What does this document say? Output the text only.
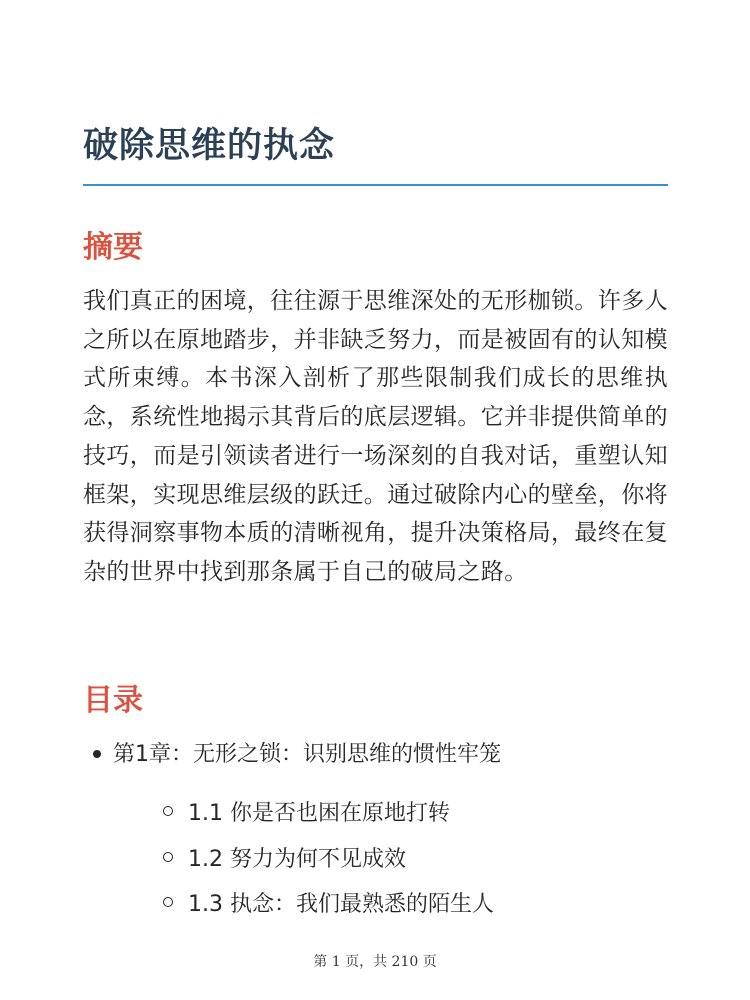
破除思维的执念
摘要

我们真正的困境，往往源于思维深处的无形枷锁。许多人之所以在原地踏步，并非缺乏努力，而是被固有的认知模式所束缚。本书深入剖析了那些限制我们成长的思维执念，系统性地揭示其背后的底层逻辑。它并非提供简单的技巧，而是引领读者进行一场深刻的自我对话，重塑认知框架，实现思维层级的跃迁。通过破除内心的壁垒，你将获得洞察事物本质的清晰视角，提升决策格局，最终在复杂的世界中找到那条属于自己的破局之路。

目录
第1章：无形之锁：识别思维的惯性牢笼
1.1 你是否也困在原地打转
1.2 努力为何不见成效
1.3 执念：我们最熟悉的陌生人
第 1 页，共 210 页
